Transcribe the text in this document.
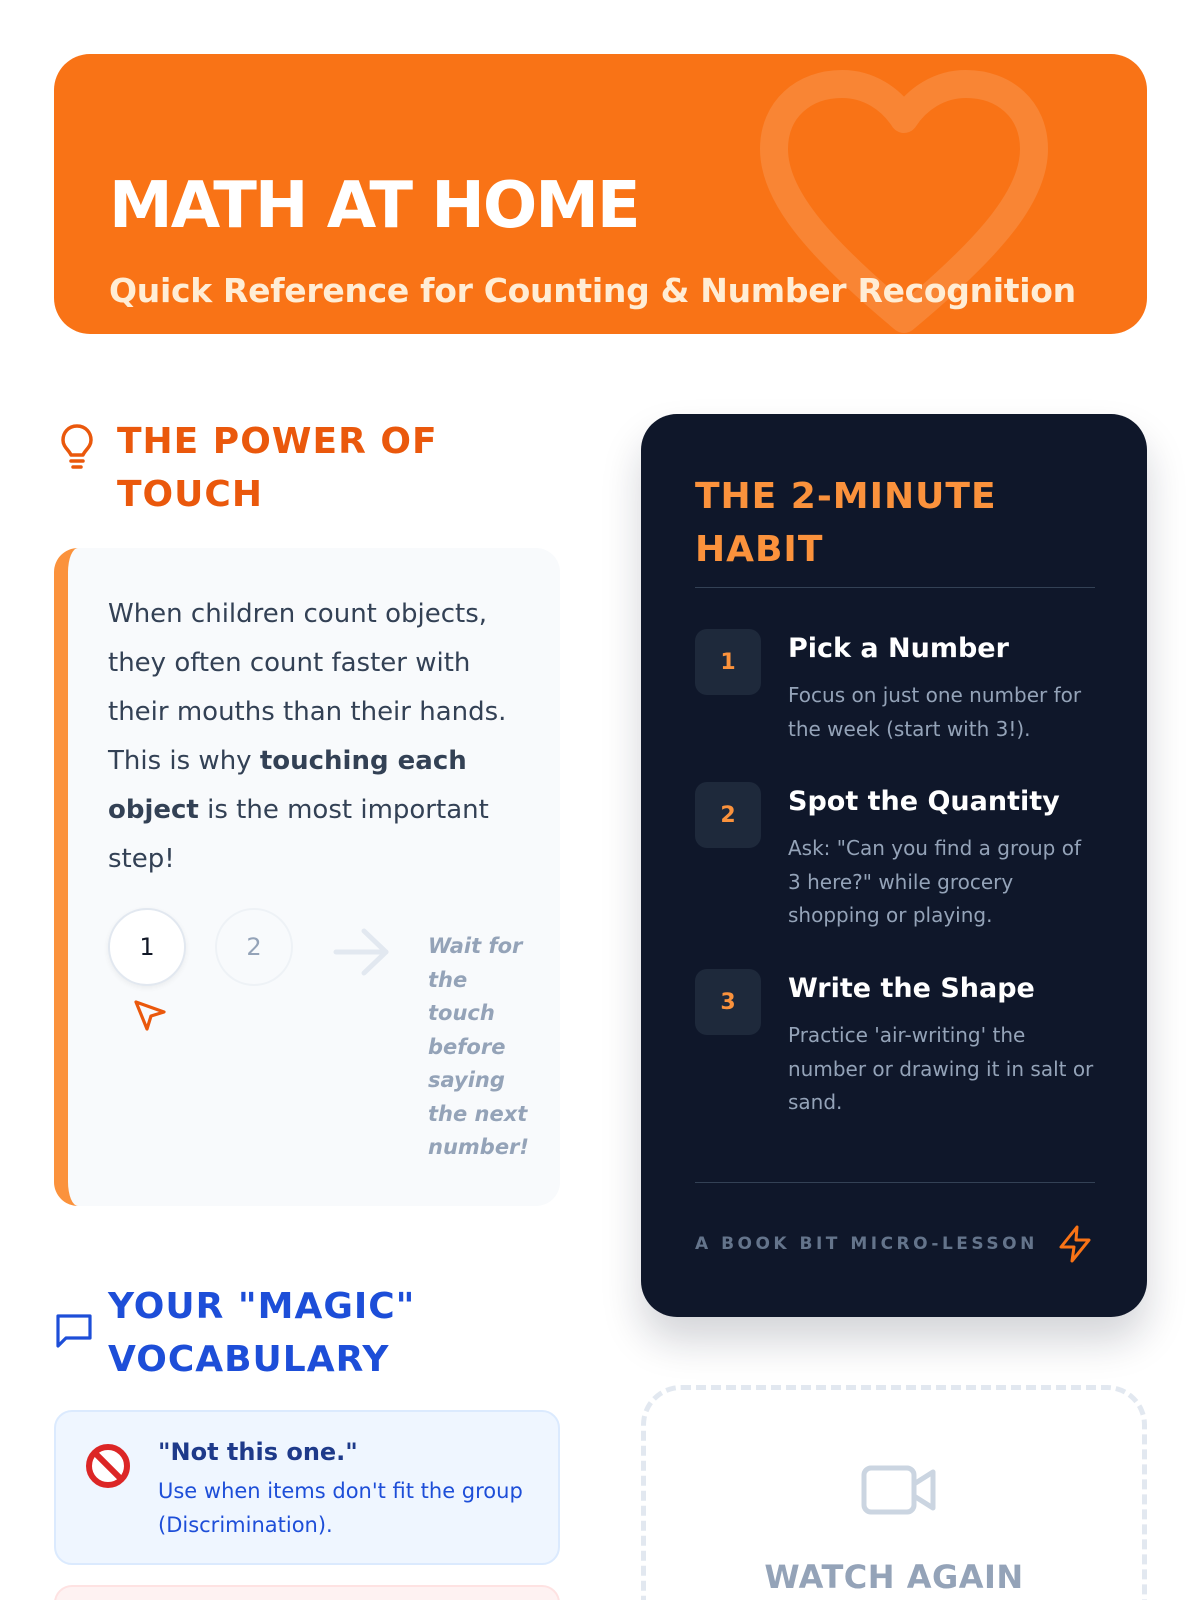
MATH AT HOME
Quick Reference for Counting & Number Recognition
THE POWER OF TOUCH
When children count objects, they often count faster with their mouths than their hands. This is why touching each object is the most important step!
1	2	Wait for the touch before saying the next number!
THE 2-MINUTE HABIT
1	Pick a Number
Focus on just one number for the week (start with 3!).
2	Spot the Quantity
Ask: "Can you find a group of 3 here?" while grocery shopping or playing.
3	Write the Shape
Practice 'air-writing' the number or drawing it in salt or sand.
A BOOK BIT MICRO-LESSON
YOUR "MAGIC" VOCABULARY
"Not this one."
Use when items don't fit the group (Discrimination).
WATCH AGAIN
